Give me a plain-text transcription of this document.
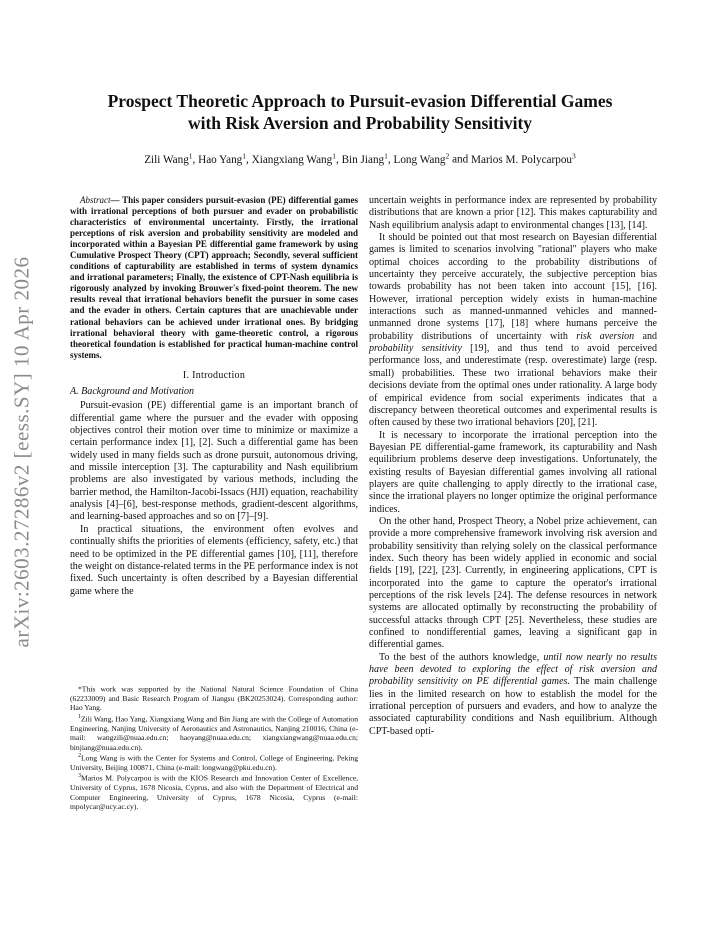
arXiv:2603.27286v2 [eess.SY] 10 Apr 2026
Prospect Theoretic Approach to Pursuit-evasion Differential Games
with Risk Aversion and Probability Sensitivity
Zili Wang$^1$, Hao Yang$^1$, Xiangxiang Wang$^1$, Bin Jiang$^1$, Long Wang$^2$ and Marios M. Polycarpou$^3$

Abstract— This paper considers pursuit-evasion (PE) differential games with irrational perceptions of both pursuer and evader on probabilistic characteristics of environmental uncertainty. Firstly, the irrational perceptions of risk aversion and probability sensitivity are modeled and incorporated within a Bayesian PE differential game framework by using Cumulative Prospect Theory (CPT) approach; Secondly, several sufficient conditions of capturability are established in terms of system dynamics and irrational parameters; Finally, the existence of CPT-Nash equilibria is rigorously analyzed by invoking Brouwer's fixed-point theorem. The new results reveal that irrational behaviors benefit the pursuer in some cases and the evader in others. Certain captures that are unachievable under rational behaviors can be achieved under irrational ones. By bridging irrational behavioral theory with game-theoretic control, a rigorous theoretical foundation is established for practical human-machine control systems.

I. Introduction
A. Background and Motivation

Pursuit-evasion (PE) differential game is an important branch of differential game where the pursuer and the evader with opposing objectives control their motion over time to minimize or maximize a certain performance index [1], [2]. Such a differential game has been widely used in many fields such as drone pursuit, autonomous driving, and missile interception [3]. The capturability and Nash equilibrium problems are also investigated by various methods, including the barrier method, the Hamilton-Jacobi-Issacs (HJI) equation, reachability analysis [4]–[6], best-response methods, gradient-descent algorithms, and learning-based approaches and so on [7]–[9].

In practical situations, the environment often evolves and continually shifts the priorities of elements (efficiency, safety, etc.) that need to be optimized in the PE differential games [10], [11], therefore the weight on distance-related terms in the PE performance index is not fixed. Such uncertainty is often described by a Bayesian differential game where the

*This work was supported by the National Natural Science Foundation of China (62233009) and Basic Research Program of Jiangsu (BK20253024). Corresponding author: Hao Yang.

$^1$Zili Wang, Hao Yang, Xiangxiang Wang and Bin Jiang are with the College of Automation Engineering, Nanjing University of Aeronautics and Astronautics, Nanjing 210016, China (e-mail: wangzili@nuaa.edu.cn; haoyang@nuaa.edu.cn; xiangxiangwang@nuaa.edu.cn; binjiang@nuaa.edu.cn).

$^2$Long Wang is with the Center for Systems and Control, College of Engineering, Peking University, Beijing 100871, China (e-mail: longwang@pku.edu.cn).

$^3$Marios M. Polycarpou is with the KIOS Research and Innovation Center of Excellence, University of Cyprus, 1678 Nicosia, Cyprus, and also with the Department of Electrical and Computer Engineering, University of Cyprus, 1678 Nicosia, Cyprus (e-mail: mpolycar@ucy.ac.cy).

uncertain weights in performance index are represented by probability distributions that are known a prior [12]. This makes capturability and Nash equilibrium analysis adapt to environmental changes [13], [14].

It should be pointed out that most research on Bayesian differential games is limited to scenarios involving "rational" players who make optimal choices according to the probability distributions of uncertainty they perceive accurately, the subjective perception bias towards probability has not been taken into account [15], [16]. However, irrational perception widely exists in human-machine interactions such as manned-unmanned vehicles and manned-unmanned drone systems [17], [18] where humans perceive the probability distributions of uncertainty with risk aversion and probability sensitivity [19], and thus tend to avoid perceived performance loss, and underestimate (resp. overestimate) large (resp. small) probabilities. These two irrational behaviors make their decisions deviate from the optimal ones under rationality. A large body of empirical evidence from social experiments indicates that a discrepancy between theoretical outcomes and experimental results is often caused by these two irrational behaviors [20], [21].

It is necessary to incorporate the irrational perception into the Bayesian PE differential-game framework, its capturability and Nash equilibrium problems deserve deep investigations. Unfortunately, the existing results of Bayesian differential games involving all rational players are quite challenging to apply directly to the irrational case, since the irrational players no longer optimize the original performance indices.

On the other hand, Prospect Theory, a Nobel prize achievement, can provide a more comprehensive framework involving risk aversion and probability sensitivity than relying solely on the classical performance index. Such theory has been widely applied in economic and social fields [19], [22], [23]. Currently, in engineering applications, CPT is incorporated into the game to capture the operator's irrational perceptions of the risk levels [24]. The defense resources in network systems are allocated optimally by reconstructing the probability of successful attacks through CPT [25]. Nevertheless, these studies are confined to nondifferential games, leaving a significant gap in differential games.

To the best of the authors knowledge, until now nearly no results have been devoted to exploring the effect of risk aversion and probability sensitivity on PE differential games. The main challenge lies in the limited research on how to establish the model for the irrational perception of pursuers and evaders, and how to analyze the associated capturability conditions and Nash equilibrium. Although CPT-based opti-
